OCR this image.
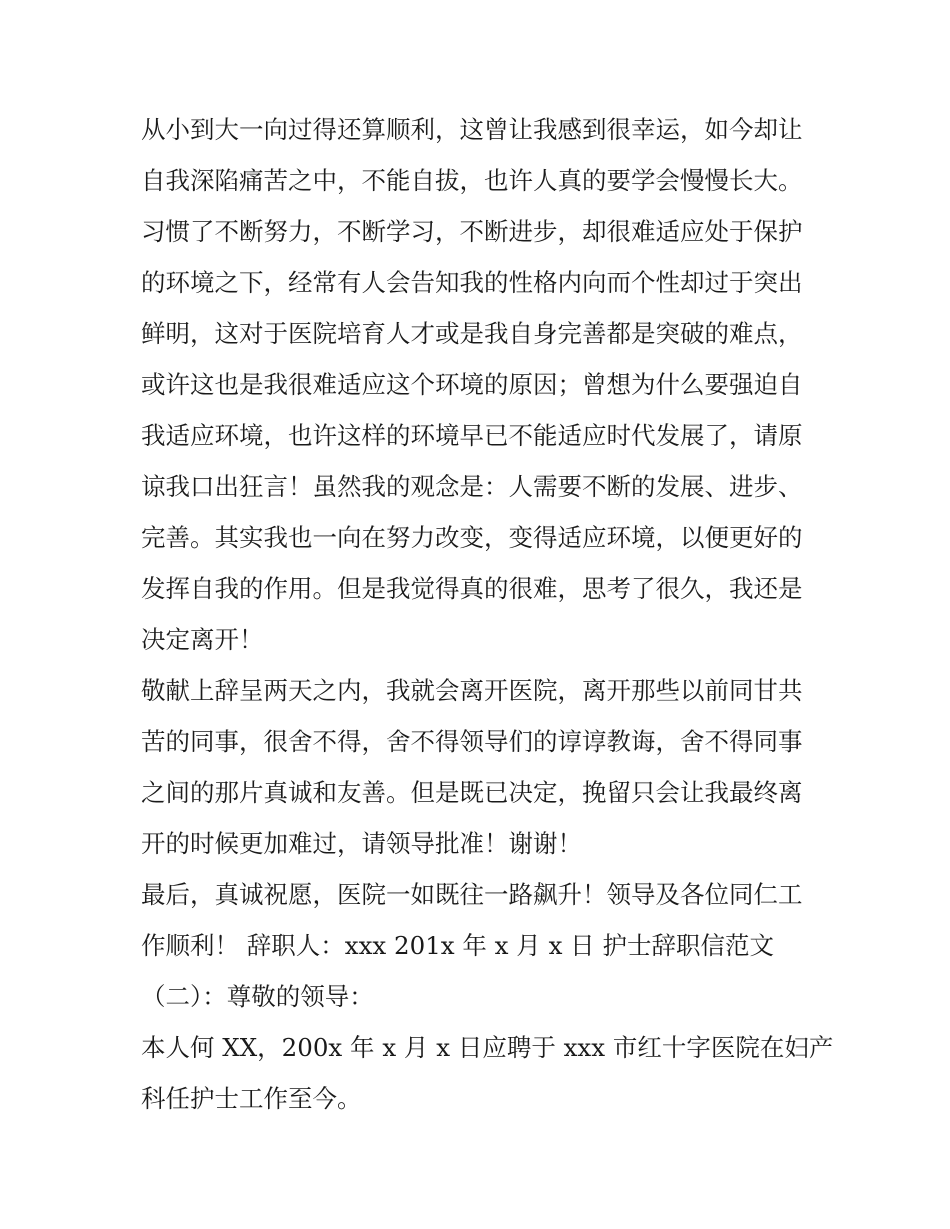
从小到大一向过得还算顺利，这曾让我感到很幸运，如今却让
自我深陷痛苦之中，不能自拔，也许人真的要学会慢慢长大。
习惯了不断努力，不断学习，不断进步，却很难适应处于保护
的环境之下，经常有人会告知我的性格内向而个性却过于突出
鲜明，这对于医院培育人才或是我自身完善都是突破的难点，
或许这也是我很难适应这个环境的原因；曾想为什么要强迫自
我适应环境，也许这样的环境早已不能适应时代发展了，请原
谅我口出狂言！虽然我的观念是：人需要不断的发展、进步、
完善。其实我也一向在努力改变，变得适应环境，以便更好的
发挥自我的作用。但是我觉得真的很难，思考了很久，我还是
决定离开！
敬献上辞呈两天之内，我就会离开医院，离开那些以前同甘共
苦的同事，很舍不得，舍不得领导们的谆谆教诲，舍不得同事
之间的那片真诚和友善。但是既已决定，挽留只会让我最终离
开的时候更加难过，请领导批准！谢谢！
最后，真诚祝愿，医院一如既往一路飙升！领导及各位同仁工
作顺利！ 辞职人：xxx 201x 年 x 月 x 日 护士辞职信范文
（二）：尊敬的领导：
本人何 XX，200x 年 x 月 x 日应聘于 xxx 市红十字医院在妇产
科任护士工作至今。
